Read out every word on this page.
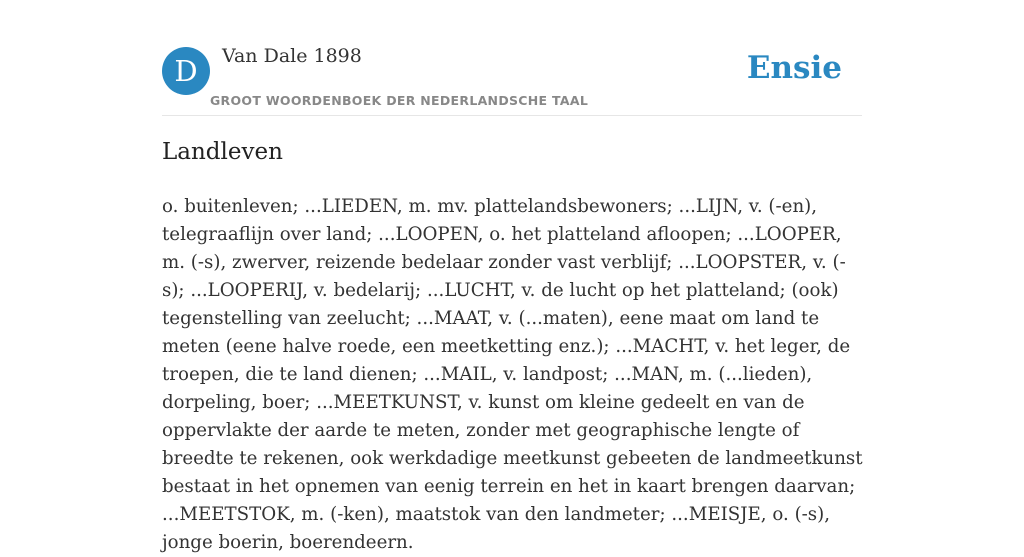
D	Van Dale 1898
GROOT WOORDENBOEK DER NEDERLANDSCHE TAAL
Ensie
Landleven

o. buitenleven; ...LIEDEN, m. mv. plattelandsbewoners; ...LIJN, v. (-en), telegraaflijn over land; ...LOOPEN, o. het platteland afloopen; ...LOOPER, m. (-s), zwerver, reizende bedelaar zonder vast verblijf; ...LOOPSTER, v. (-s); ...LOOPERIJ, v. bedelarij; ...LUCHT, v. de lucht op het platteland; (ook) tegenstelling van zeelucht; ...MAAT, v. (...maten), eene maat om land te meten (eene halve roede, een meetketting enz.); ...MACHT, v. het leger, de troepen, die te land dienen; ...MAIL, v. landpost; ...MAN, m. (...lieden), dorpeling, boer; ...MEETKUNST, v. kunst om kleine gedeelt en van de oppervlakte der aarde te meten, zonder met geographische lengte of breedte te rekenen, ook werkdadige meetkunst gebeeten de landmeetkunst bestaat in het opnemen van eenig terrein en het in kaart brengen daarvan; ...MEETSTOK, m. (-ken), maatstok van den landmeter; ...MEISJE, o. (-s), jonge boerin, boerendeern.
